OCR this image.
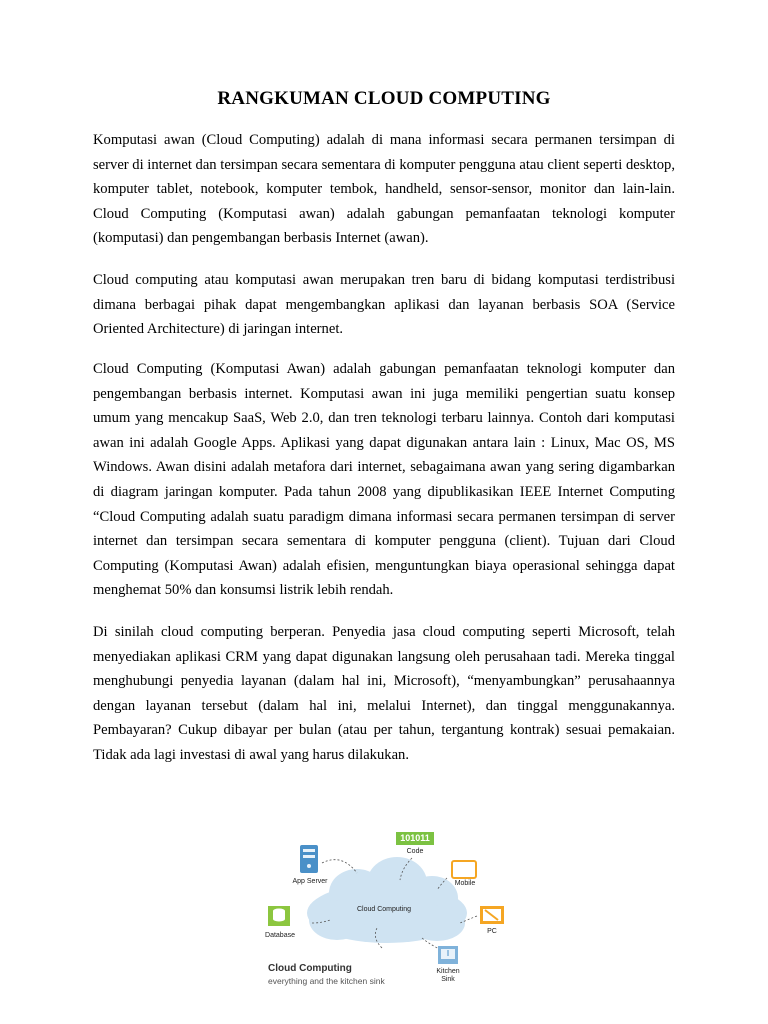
RANGKUMAN CLOUD COMPUTING

Komputasi awan (Cloud Computing) adalah di mana informasi secara permanen tersimpan di server di internet dan tersimpan secara sementara di komputer pengguna atau client seperti desktop, komputer tablet, notebook, komputer tembok, handheld, sensor-sensor, monitor dan lain-lain. Cloud Computing (Komputasi awan) adalah gabungan pemanfaatan teknologi komputer (komputasi) dan pengembangan berbasis Internet (awan).

Cloud computing atau komputasi awan merupakan tren baru di bidang komputasi terdistribusi dimana berbagai pihak dapat mengembangkan aplikasi dan layanan berbasis SOA (Service Oriented Architecture) di jaringan internet.

Cloud Computing (Komputasi Awan) adalah gabungan pemanfaatan teknologi komputer dan pengembangan berbasis internet. Komputasi awan ini juga memiliki pengertian suatu konsep umum yang mencakup SaaS, Web 2.0, dan tren teknologi terbaru lainnya. Contoh dari komputasi awan ini adalah Google Apps. Aplikasi yang dapat digunakan antara lain : Linux, Mac OS, MS Windows. Awan disini adalah metafora dari internet, sebagaimana awan yang sering digambarkan di diagram jaringan komputer. Pada tahun 2008 yang dipublikasikan IEEE Internet Computing “Cloud Computing adalah suatu paradigm dimana informasi secara permanen tersimpan di server internet dan tersimpan secara sementara di komputer pengguna (client). Tujuan dari Cloud Computing (Komputasi Awan) adalah efisien, menguntungkan biaya operasional sehingga dapat menghemat 50% dan konsumsi listrik lebih rendah.

Di sinilah cloud computing berperan. Penyedia jasa cloud computing seperti Microsoft, telah menyediakan aplikasi CRM yang dapat digunakan langsung oleh perusahaan tadi. Mereka tinggal menghubungi penyedia layanan (dalam hal ini, Microsoft), “menyambungkan” perusahaannya dengan layanan tersebut (dalam hal ini, melalui Internet), dan tinggal menggunakannya. Pembayaran? Cukup dibayar per bulan (atau per tahun, tergantung kontrak) sesuai pemakaian. Tidak ada lagi investasi di awal yang harus dilakukan.

101011
Code
App Server	Mobile
Cloud Computing
Database
PC
Kitchen Sink
Cloud Computing
everything and the kitchen sink
